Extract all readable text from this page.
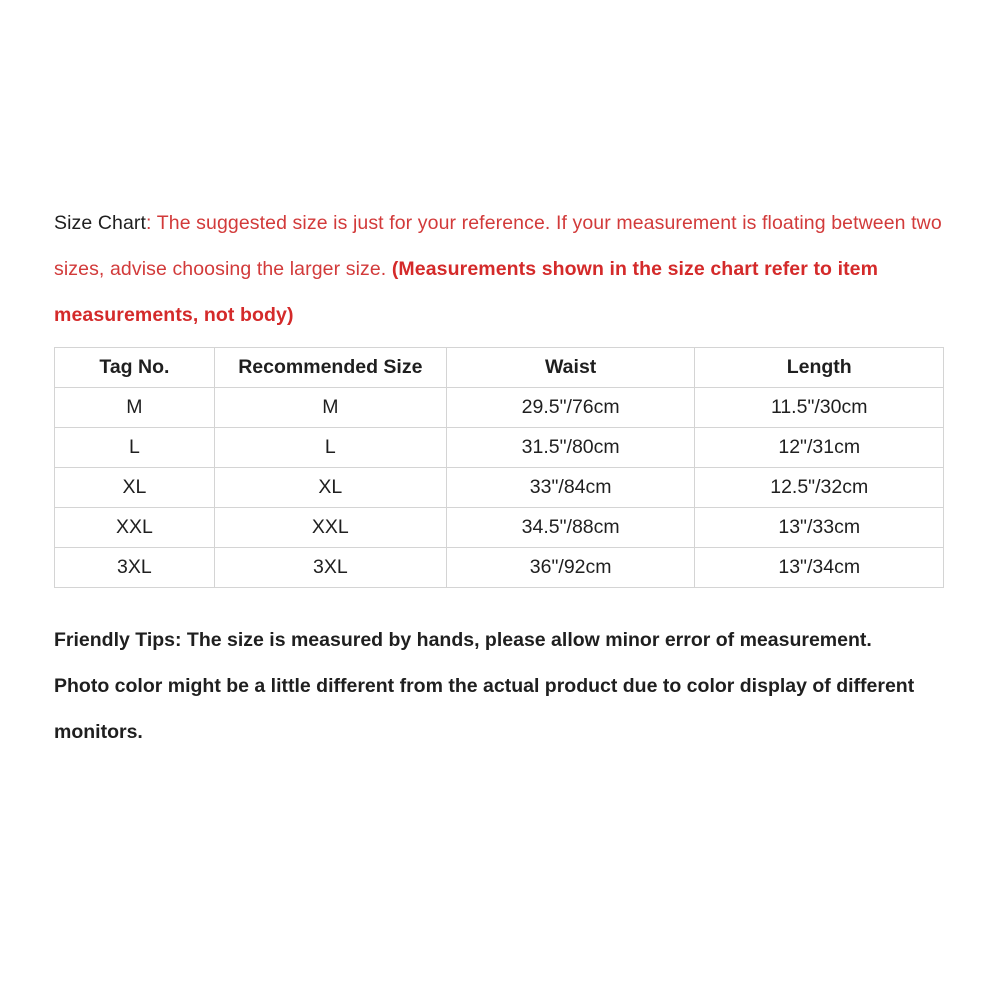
Size Chart: The suggested size is just for your reference. If your measurement is floating between two sizes, advise choosing the larger size. (Measurements shown in the size chart refer to item measurements, not body)
Tag No.	Recommended Size	Waist	Length
M	M	29.5"/76cm	11.5"/30cm
L	L	31.5"/80cm	12"/31cm
XL	XL	33"/84cm	12.5"/32cm
XXL	XXL	34.5"/88cm	13"/33cm
3XL	3XL	36"/92cm	13"/34cm

Friendly Tips: The size is measured by hands, please allow minor error of measurement.

Photo color might be a little different from the actual product due to color display of different monitors.
